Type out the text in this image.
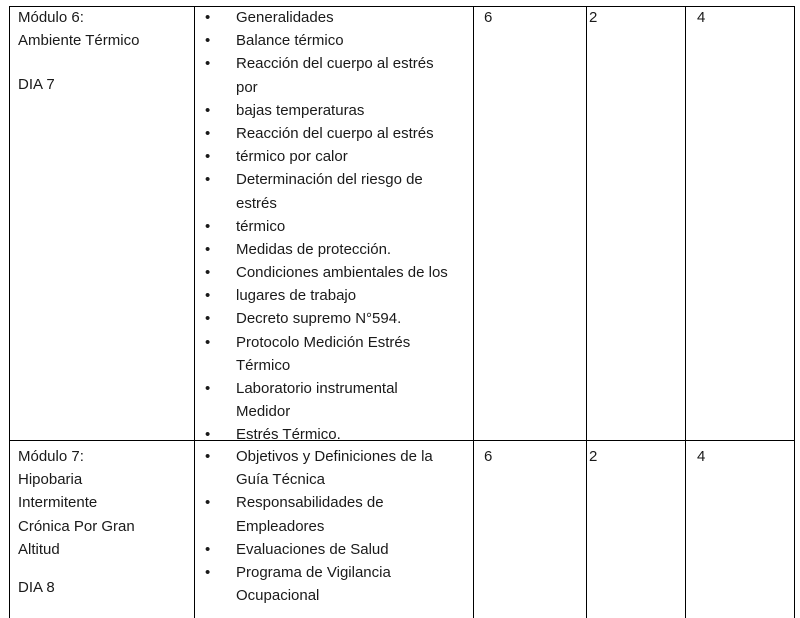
Módulo 6:
Ambiente Térmico
DIA 7
• Generalidades
• Balance térmico
• Reacción del cuerpo al estrés
por
• bajas temperaturas
• Reacción del cuerpo al estrés
• térmico por calor
• Determinación del riesgo de
estrés
• térmico
• Medidas de protección.
• Condiciones ambientales de los
• lugares de trabajo
• Decreto supremo N°594.
• Protocolo Medición Estrés
Térmico
• Laboratorio instrumental
Medidor
• Estrés Térmico.
6	2	4
Módulo 7:
Hipobaria
Intermitente
Crónica Por Gran
Altitud
DIA 8
• Objetivos y Definiciones de la
Guía Técnica
• Responsabilidades de
Empleadores
• Evaluaciones de Salud
• Programa de Vigilancia
Ocupacional
6	2	4
